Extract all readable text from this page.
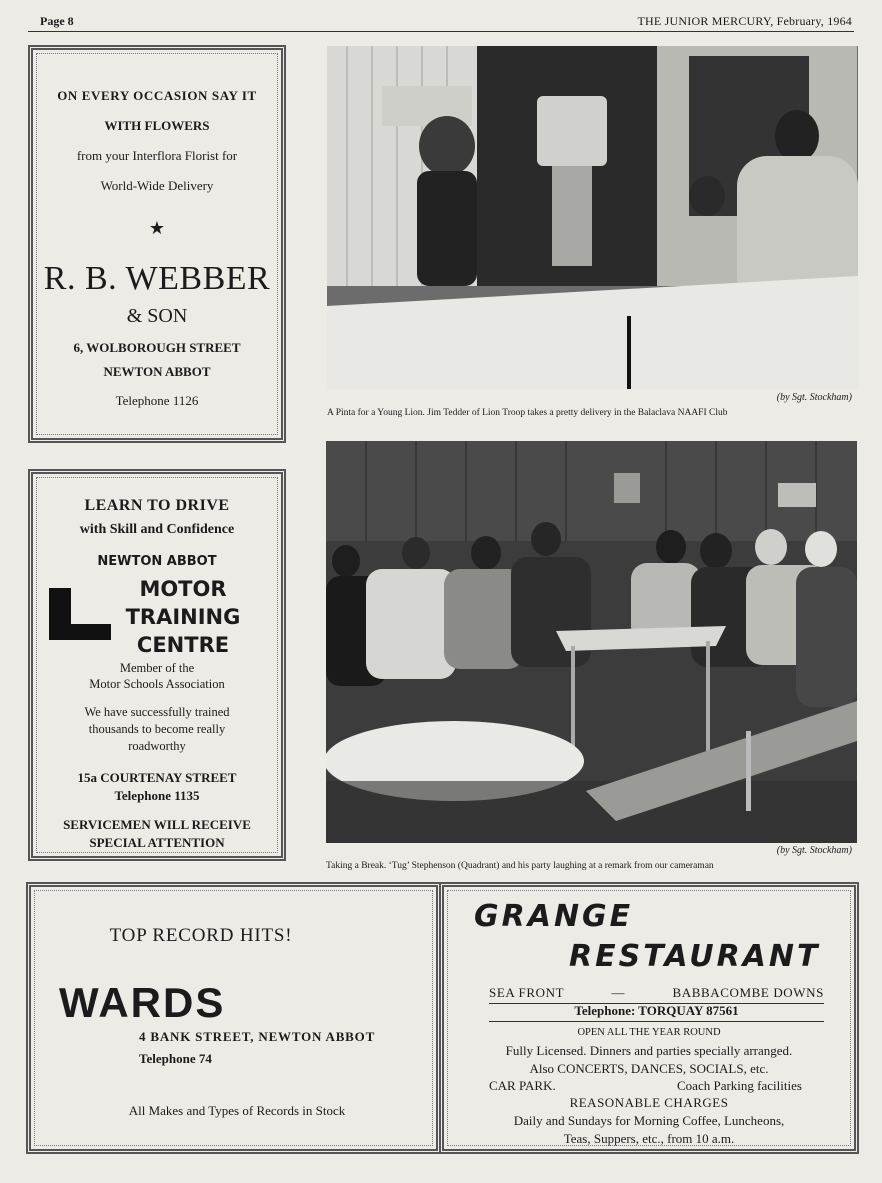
Page 8	THE JUNIOR MERCURY, February, 1964
ON EVERY OCCASION SAY IT
WITH FLOWERS
from your Interflora Florist for
World-Wide Delivery
★
R. B. WEBBER
& SON
6, WOLBOROUGH STREET
NEWTON ABBOT
Telephone 1126	(by Sgt. Stockham)
A Pinta for a Young Lion. Jim Tedder of Lion Troop takes a pretty delivery in the Balaclava NAAFI Club
LEARN TO DRIVE
with Skill and Confidence
NEWTON ABBOT
MOTOR
TRAINING
CENTRE
Member of the
Motor Schools Association
We have successfully trained
thousands to become really
roadworthy
15a COURTENAY STREET
Telephone 1135
SERVICEMEN WILL RECEIVE
SPECIAL ATTENTION
(by Sgt. Stockham)
Taking a Break. ‘Tug’ Stephenson (Quadrant) and his party laughing at a remark from our cameraman
TOP RECORD HITS!
WARDS
4 BANK STREET, NEWTON ABBOT
Telephone 74
All Makes and Types of Records in Stock
GRANGE
RESTAURANT
SEA FRONT	—	BABBACOMBE DOWNS
Telephone: TORQUAY 87561
OPEN ALL THE YEAR ROUND
Fully Licensed. Dinners and parties specially arranged.
Also CONCERTS, DANCES, SOCIALS, etc.
CAR PARK.	Coach Parking facilities
REASONABLE CHARGES
Daily and Sundays for Morning Coffee, Luncheons,
Teas, Suppers, etc., from 10 a.m.
